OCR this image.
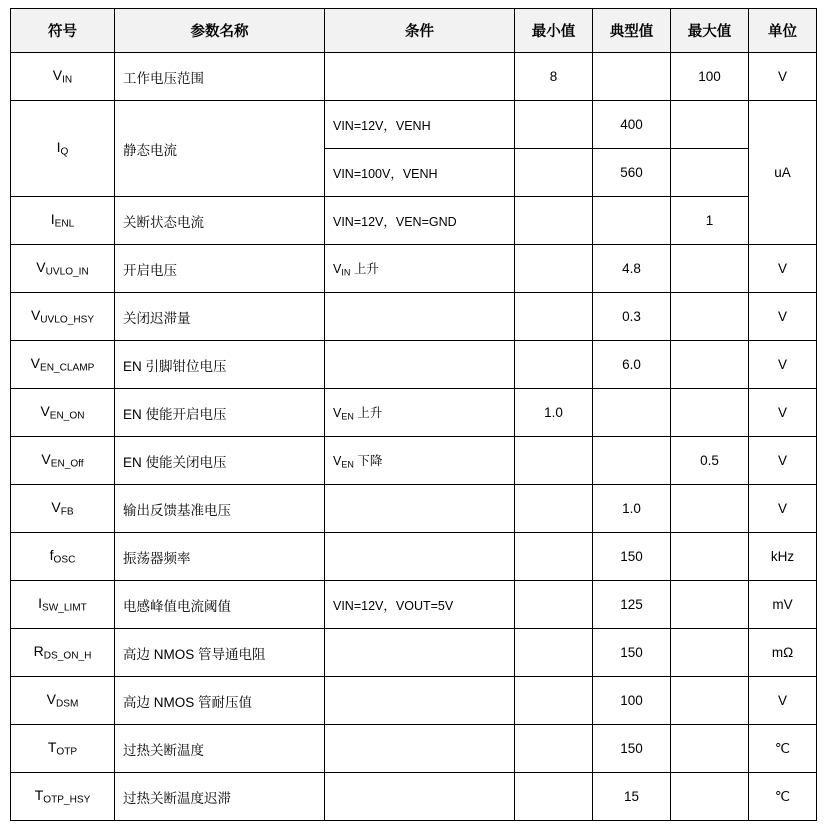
符号	参数名称	条件	最小值	典型值	最大值	单位
$V_{IN}$	工作电压范围		8		100	V
$I_Q$	静态电流	VIN=12V，VENH		400		uA
		VIN=100V，VENH		560		
$I_{ENL}$	关断状态电流	VIN=12V，VEN=GND			1	
$V_{UVLO\_IN}$	开启电压	$V_{IN}$ 上升		4.8		V
$V_{UVLO\_HSY}$	关闭迟滞量			0.3		V
$V_{EN\_CLAMP}$	EN 引脚钳位电压			6.0		V
$V_{EN\_ON}$	EN 使能开启电压	$V_{EN}$ 上升	1.0			V
$V_{EN\_Off}$	EN 使能关闭电压	$V_{EN}$ 下降			0.5	V
$V_{FB}$	输出反馈基准电压			1.0		V
$f_{OSC}$	振荡器频率			150		kHz
$I_{SW\_LIMT}$	电感峰值电流阈值	VIN=12V，VOUT=5V		125		mV
$R_{DS\_ON\_H}$	高边 NMOS 管导通电阻			150		mΩ
$V_{DSM}$	高边 NMOS 管耐压值			100		V
$T_{OTP}$	过热关断温度			150		℃
$T_{OTP\_HSY}$	过热关断温度迟滞			15		℃
